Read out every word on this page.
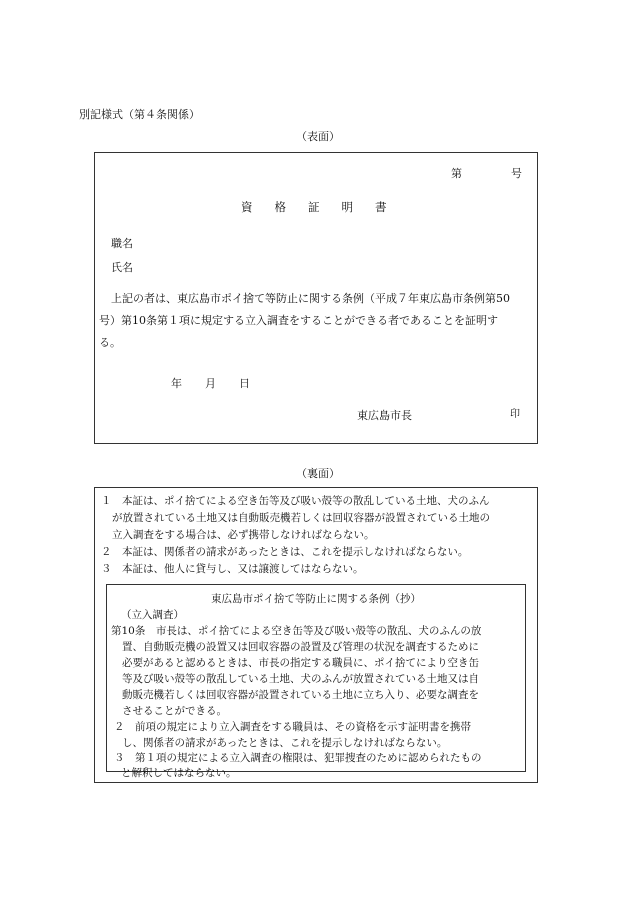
別記様式（第４条関係）
（表面）
第	号
資格証明書
職名
氏名
上記の者は、東広島市ポイ捨て等防止に関する条例（平成７年東広島市条例第50
号）第10条第１項に規定する立入調査をすることができる者であることを証明す
る。
年 月 日
東広島市長	印
（裏面）
１　本証は、ポイ捨てによる空き缶等及び吸い殻等の散乱している土地、犬のふん
が放置されている土地又は自動販売機若しくは回収容器が設置されている土地の
立入調査をする場合は、必ず携帯しなければならない。
２　本証は、関係者の請求があったときは、これを提示しなければならない。
３　本証は、他人に貸与し、又は譲渡してはならない。
東広島市ポイ捨て等防止に関する条例（抄）
（立入調査）
第10条　市長は、ポイ捨てによる空き缶等及び吸い殻等の散乱、犬のふんの放
置、自動販売機の設置又は回収容器の設置及び管理の状況を調査するために
必要があると認めるときは、市長の指定する職員に、ポイ捨てにより空き缶
等及び吸い殻等の散乱している土地、犬のふんが放置されている土地又は自
動販売機若しくは回収容器が設置されている土地に立ち入り、必要な調査を
させることができる。
２　前項の規定により立入調査をする職員は、その資格を示す証明書を携帯
し、関係者の請求があったときは、これを提示しなければならない。
３　第１項の規定による立入調査の権限は、犯罪捜査のために認められたもの
と解釈してはならない。
